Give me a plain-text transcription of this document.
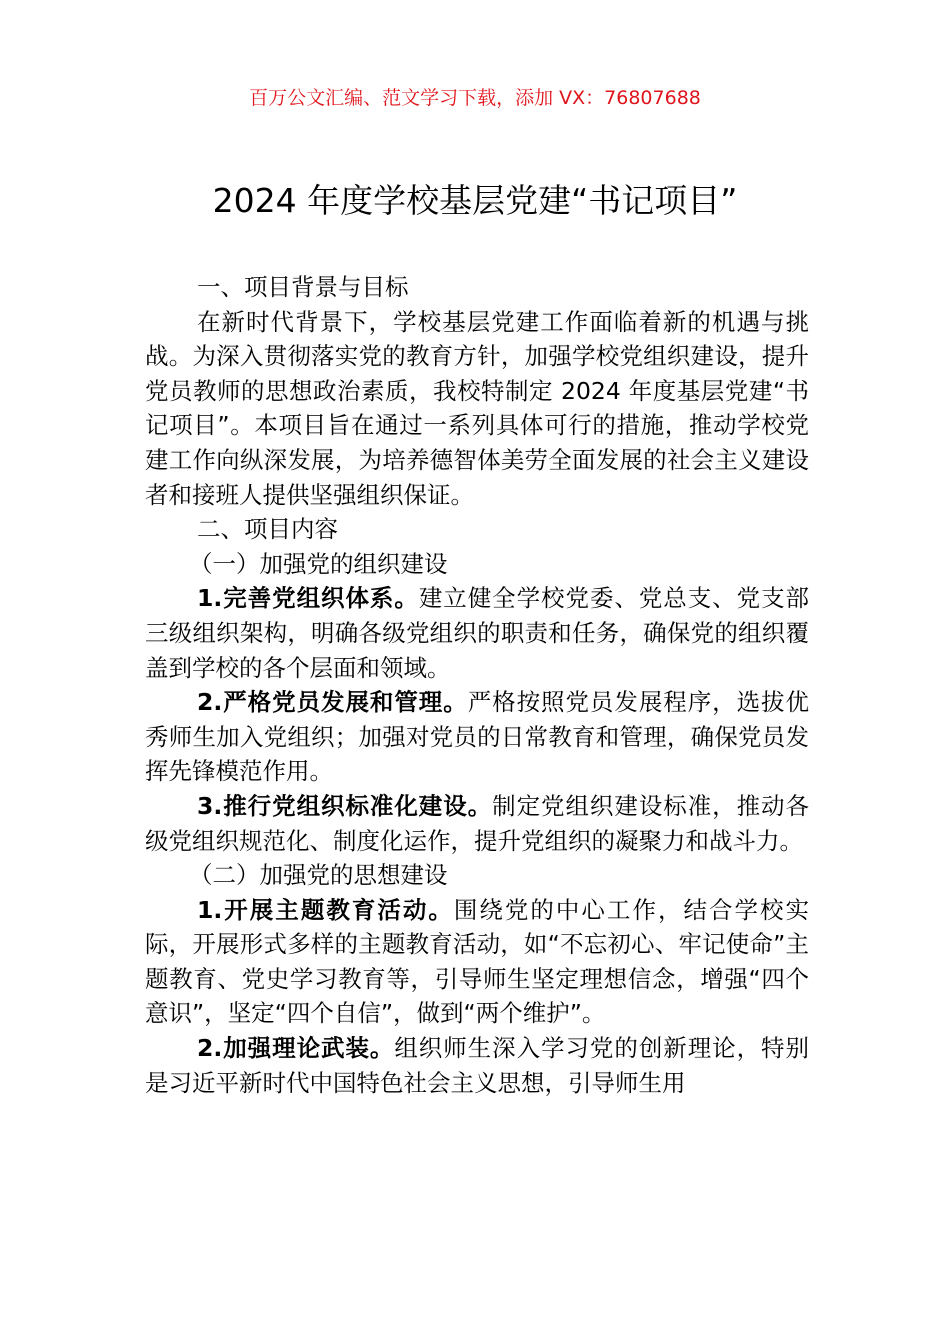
百万公文汇编、范文学习下载，添加 VX：76807688
2024 年度学校基层党建“书记项目”

一、项目背景与目标

在新时代背景下，学校基层党建工作面临着新的机遇与挑战。为深入贯彻落实党的教育方针，加强学校党组织建设，提升党员教师的思想政治素质，我校特制定 2024 年度基层党建“书记项目”。本项目旨在通过一系列具体可行的措施，推动学校党建工作向纵深发展，为培养德智体美劳全面发展的社会主义建设者和接班人提供坚强组织保证。

二、项目内容

（一）加强党的组织建设

1.完善党组织体系。建立健全学校党委、党总支、党支部三级组织架构，明确各级党组织的职责和任务，确保党的组织覆盖到学校的各个层面和领域。

2.严格党员发展和管理。严格按照党员发展程序，选拔优秀师生加入党组织；加强对党员的日常教育和管理，确保党员发挥先锋模范作用。

3.推行党组织标准化建设。制定党组织建设标准，推动各级党组织规范化、制度化运作，提升党组织的凝聚力和战斗力。

（二）加强党的思想建设

1.开展主题教育活动。围绕党的中心工作，结合学校实际，开展形式多样的主题教育活动，如“不忘初心、牢记使命”主题教育、党史学习教育等，引导师生坚定理想信念，增强“四个意识”，坚定“四个自信”，做到“两个维护”。

2.加强理论武装。组织师生深入学习党的创新理论，特别是习近平新时代中国特色社会主义思想，引导师生用
